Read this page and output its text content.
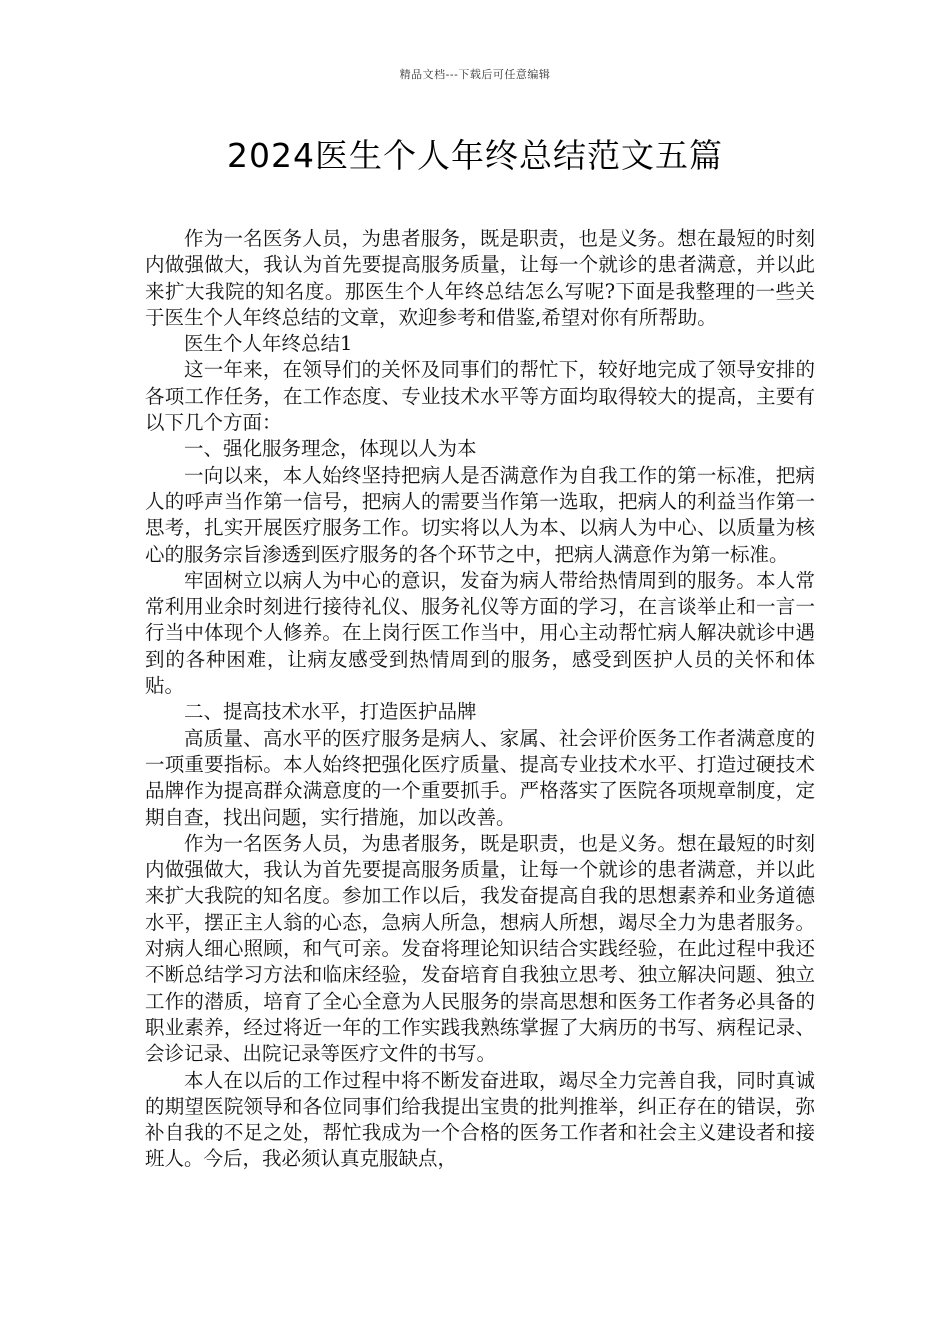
精品文档---下载后可任意编辑
2024医生个人年终总结范文五篇

作为一名医务人员，为患者服务，既是职责，也是义务。想在最短的时刻内做强做大，我认为首先要提高服务质量，让每一个就诊的患者满意，并以此来扩大我院的知名度。那医生个人年终总结怎么写呢?下面是我整理的一些关于医生个人年终总结的文章，欢迎参考和借鉴,希望对你有所帮助。

医生个人年终总结1

这一年来，在领导们的关怀及同事们的帮忙下，较好地完成了领导安排的各项工作任务，在工作态度、专业技术水平等方面均取得较大的提高，主要有以下几个方面：

一、强化服务理念，体现以人为本

一向以来，本人始终坚持把病人是否满意作为自我工作的第一标准，把病人的呼声当作第一信号，把病人的需要当作第一选取，把病人的利益当作第一思考，扎实开展医疗服务工作。切实将以人为本、以病人为中心、以质量为核心的服务宗旨渗透到医疗服务的各个环节之中，把病人满意作为第一标准。

牢固树立以病人为中心的意识，发奋为病人带给热情周到的服务。本人常常利用业余时刻进行接待礼仪、服务礼仪等方面的学习，在言谈举止和一言一行当中体现个人修养。在上岗行医工作当中，用心主动帮忙病人解决就诊中遇到的各种困难，让病友感受到热情周到的服务，感受到医护人员的关怀和体贴。

二、提高技术水平，打造医护品牌

高质量、高水平的医疗服务是病人、家属、社会评价医务工作者满意度的一项重要指标。本人始终把强化医疗质量、提高专业技术水平、打造过硬技术品牌作为提高群众满意度的一个重要抓手。严格落实了医院各项规章制度，定期自查，找出问题，实行措施，加以改善。

作为一名医务人员，为患者服务，既是职责，也是义务。想在最短的时刻内做强做大，我认为首先要提高服务质量，让每一个就诊的患者满意，并以此来扩大我院的知名度。参加工作以后，我发奋提高自我的思想素养和业务道德水平，摆正主人翁的心态，急病人所急，想病人所想，竭尽全力为患者服务。对病人细心照顾，和气可亲。发奋将理论知识结合实践经验，在此过程中我还不断总结学习方法和临床经验，发奋培育自我独立思考、独立解决问题、独立工作的潜质，培育了全心全意为人民服务的崇高思想和医务工作者务必具备的职业素养，经过将近一年的工作实践我熟练掌握了大病历的书写、病程记录、会诊记录、出院记录等医疗文件的书写。

本人在以后的工作过程中将不断发奋进取，竭尽全力完善自我，同时真诚的期望医院领导和各位同事们给我提出宝贵的批判推举，纠正存在的错误，弥补自我的不足之处，帮忙我成为一个合格的医务工作者和社会主义建设者和接班人。今后，我必须认真克服缺点，
